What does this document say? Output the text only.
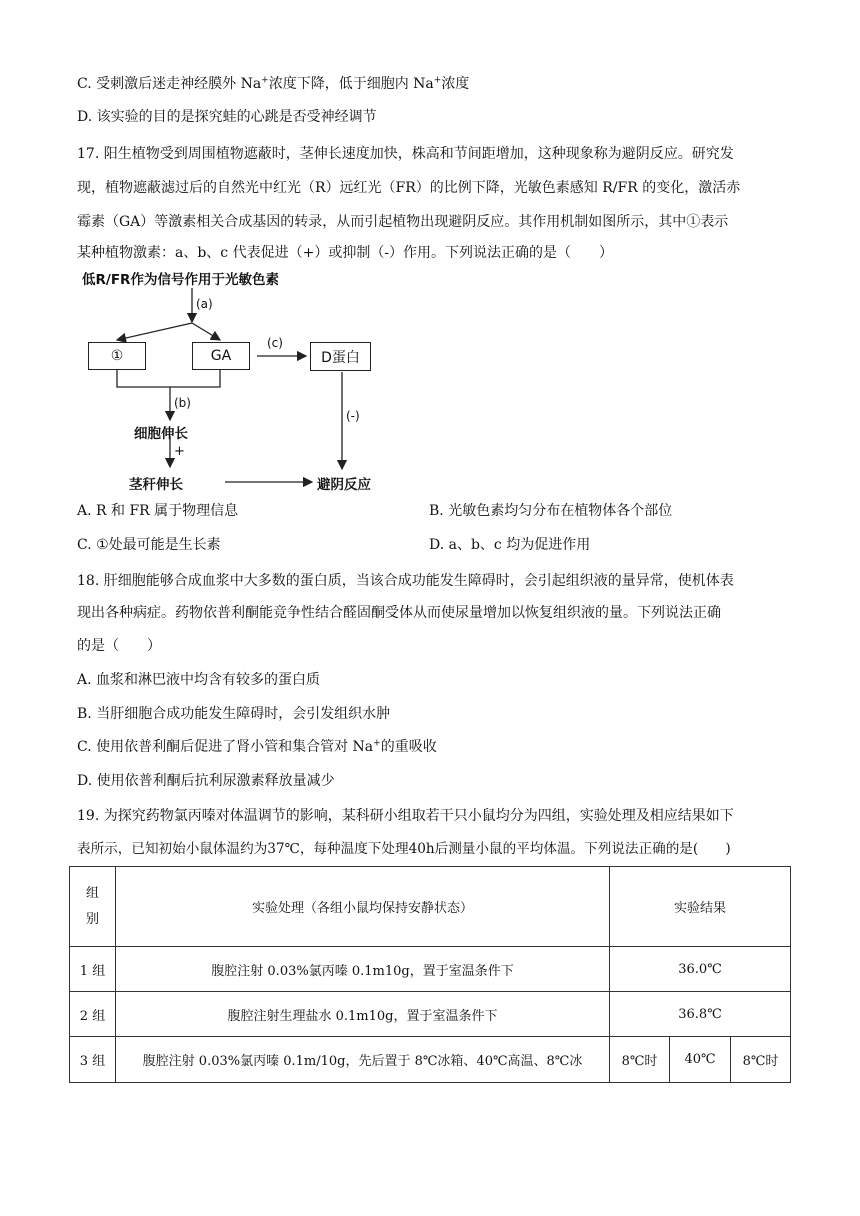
C. 受刺激后迷走神经膜外 Na+浓度下降，低于细胞内 Na+浓度
D. 该实验的目的是探究蛙的心跳是否受神经调节
17. 阳生植物受到周围植物遮蔽时，茎伸长速度加快，株高和节间距增加，这种现象称为避阴反应。研究发
现，植物遮蔽滤过后的自然光中红光（R）远红光（FR）的比例下降，光敏色素感知 R/FR 的变化，激活赤
霉素（GA）等激素相关合成基因的转录，从而引起植物出现避阴反应。其作用机制如图所示，其中①表示
某种植物激素：a、b、c 代表促进（+）或抑制（-）作用。下列说法正确的是（　　）
低R/FR作为信号作用于光敏色素
(a)
①	GA
(c)
D蛋白
(b)
(-)
细胞伸长
+
茎秆伸长	避阴反应
A. R 和 FR 属于物理信息	B. 光敏色素均匀分布在植物体各个部位
C. ①处最可能是生长素	D. a、b、c 均为促进作用
18. 肝细胞能够合成血浆中大多数的蛋白质，当该合成功能发生障碍时，会引起组织液的量异常，使机体表
现出各种病症。药物依普利酮能竞争性结合醛固酮受体从而使尿量增加以恢复组织液的量。下列说法正确
的是（　　）
A. 血浆和淋巴液中均含有较多的蛋白质
B. 当肝细胞合成功能发生障碍时，会引发组织水肿
C. 使用依普利酮后促进了肾小管和集合管对 Na+的重吸收
D. 使用依普利酮后抗利尿激素释放量减少
19. 为探究药物氯丙嗪对体温调节的影响，某科研小组取若干只小鼠均分为四组，实验处理及相应结果如下
表所示，已知初始小鼠体温约为37℃，每种温度下处理40h后测量小鼠的平均体温。下列说法正确的是(　　)
组
别	实验处理（各组小鼠均保持安静状态）	实验结果		
1 组	腹腔注射 0.03%氯丙嗪 0.1m10g，置于室温条件下	36.0℃		
2 组	腹腔注射生理盐水 0.1m10g，置于室温条件下	36.8℃		
3 组	腹腔注射 0.03%氯丙嗪 0.1m/10g，先后置于 8℃冰箱、40℃高温、8℃冰	8℃时	40℃	8℃时
